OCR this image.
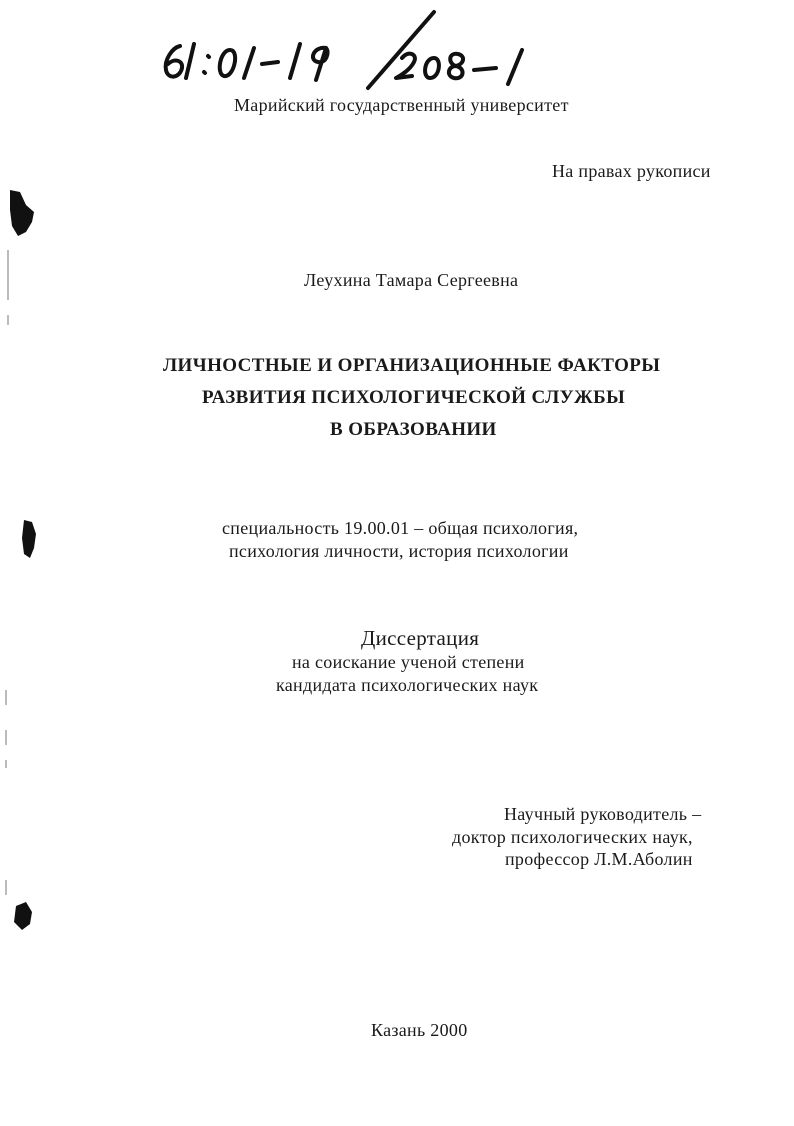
Марийский государственный университет
На правах рукописи
Леухина Тамара Сергеевна
ЛИЧНОСТНЫЕ И ОРГАНИЗАЦИОННЫЕ ФАКТОРЫ
РАЗВИТИЯ ПСИХОЛОГИЧЕСКОЙ СЛУЖБЫ
В ОБРАЗОВАНИИ
специальность 19.00.01 – общая психология,
психология личности, история психологии
Диссертация
на соискание ученой степени
кандидата психологических наук
Научный руководитель –
доктор психологических наук,
профессор Л.М.Аболин
Казань 2000
